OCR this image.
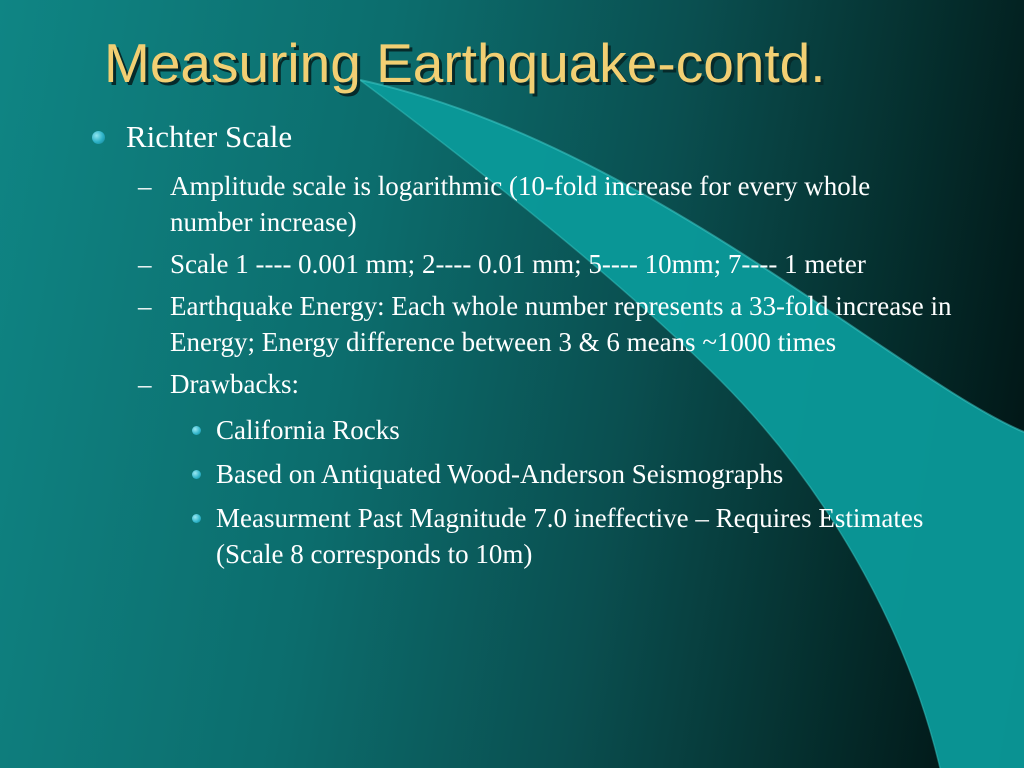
Measuring Earthquake-contd.
Richter Scale
– Amplitude scale is logarithmic (10-fold increase for every whole number increase)
– Scale 1 ---- 0.001 mm; 2---- 0.01 mm; 5---- 10mm; 7---- 1 meter
– Earthquake Energy: Each whole number represents a 33-fold increase in Energy; Energy difference between 3 & 6 means ~1000 times
– Drawbacks:
California Rocks
Based on Antiquated Wood-Anderson Seismographs
Measurment Past Magnitude 7.0 ineffective – Requires Estimates (Scale 8 corresponds to 10m)
